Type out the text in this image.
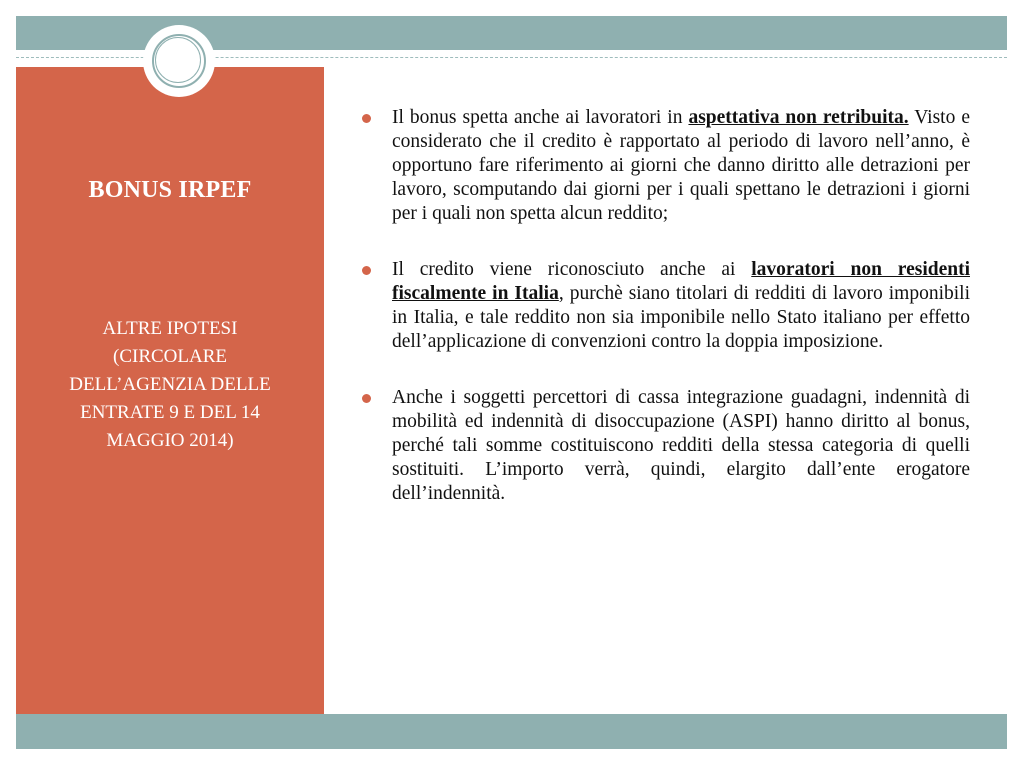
BONUS IRPEF
ALTRE IPOTESI (CIRCOLARE DELL’AGENZIA DELLE ENTRATE 9 E DEL 14 MAGGIO 2014)
Il bonus spetta anche ai lavoratori in aspettativa non retribuita. Visto e considerato che il credito è rapportato al periodo di lavoro nell’anno, è opportuno fare riferimento ai giorni che danno diritto alle detrazioni per lavoro, scomputando dai giorni per i quali spettano le detrazioni i giorni per i quali non spetta alcun reddito;
Il credito viene riconosciuto anche ai lavoratori non residenti fiscalmente in Italia, purchè siano titolari di redditi di lavoro imponibili in Italia, e tale reddito non sia imponibile nello Stato italiano per effetto dell’applicazione di convenzioni contro la doppia imposizione.
Anche i soggetti percettori di cassa integrazione guadagni, indennità di mobilità ed indennità di disoccupazione (ASPI) hanno diritto al bonus, perché tali somme costituiscono redditi della stessa categoria di quelli sostituiti. L’importo verrà, quindi, elargito dall’ente erogatore dell’indennità.
